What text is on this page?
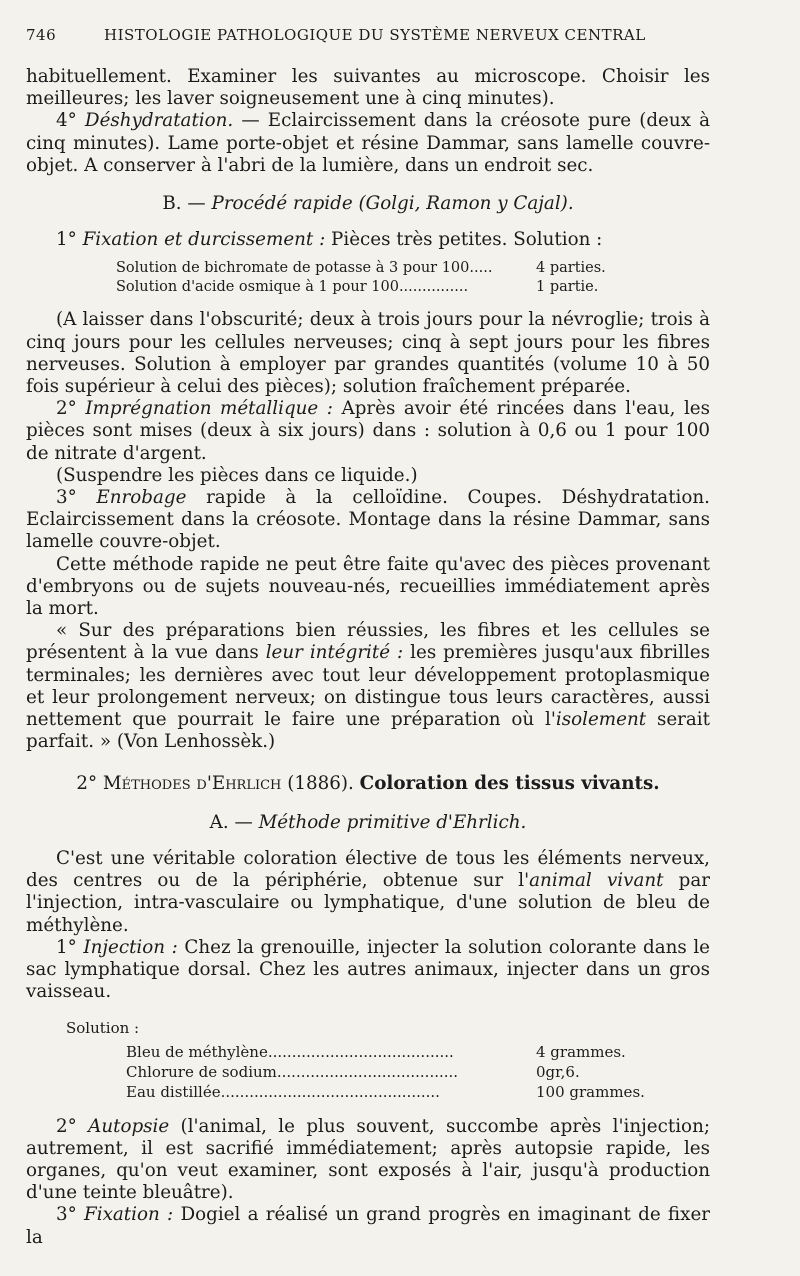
746	HISTOLOGIE PATHOLOGIQUE DU SYSTÈME NERVEUX CENTRAL

habituellement. Examiner les suivantes au microscope. Choisir les meilleures; les laver soigneusement une à cinq minutes).

4° Déshydratation. — Eclaircissement dans la créosote pure (deux à cinq minutes). Lame porte-objet et résine Dammar, sans lamelle couvre-objet. A conserver à l'abri de la lumière, dans un endroit sec.

B. — Procédé rapide (Golgi, Ramon y Cajal).

1° Fixation et durcissement : Pièces très petites. Solution :

Solution de bichromate de potasse à 3 pour 100.....	4 parties.
Solution d'acide osmique à 1 pour 100...............	1 partie.

(A laisser dans l'obscurité; deux à trois jours pour la névroglie; trois à cinq jours pour les cellules nerveuses; cinq à sept jours pour les fibres nerveuses. Solution à employer par grandes quantités (volume 10 à 50 fois supérieur à celui des pièces); solution fraîchement préparée.

2° Imprégnation métallique : Après avoir été rincées dans l'eau, les pièces sont mises (deux à six jours) dans : solution à 0,6 ou 1 pour 100 de nitrate d'argent.

(Suspendre les pièces dans ce liquide.)

3° Enrobage rapide à la celloïdine. Coupes. Déshydratation. Eclaircissement dans la créosote. Montage dans la résine Dammar, sans lamelle couvre-objet.

Cette méthode rapide ne peut être faite qu'avec des pièces provenant d'embryons ou de sujets nouveau-nés, recueillies immédiatement après la mort.

« Sur des préparations bien réussies, les fibres et les cellules se présentent à la vue dans leur intégrité : les premières jusqu'aux fibrilles terminales; les dernières avec tout leur développement protoplasmique et leur prolongement nerveux; on distingue tous leurs caractères, aussi nettement que pourrait le faire une préparation où l'isolement serait parfait. » (Von Lenhossèk.)

2° Méthodes d'Ehrlich (1886). Coloration des tissus vivants.

A. — Méthode primitive d'Ehrlich.

C'est une véritable coloration élective de tous les éléments nerveux, des centres ou de la périphérie, obtenue sur l'animal vivant par l'injection, intra-vasculaire ou lymphatique, d'une solution de bleu de méthylène.

1° Injection : Chez la grenouille, injecter la solution colorante dans le sac lymphatique dorsal. Chez les autres animaux, injecter dans un gros vaisseau.

Solution :
Bleu de méthylène.......................................	4 grammes.
Chlorure de sodium......................................	0gr,6.
Eau distillée..............................................	100 grammes.

2° Autopsie (l'animal, le plus souvent, succombe après l'injection; autrement, il est sacrifié immédiatement; après autopsie rapide, les organes, qu'on veut examiner, sont exposés à l'air, jusqu'à production d'une teinte bleuâtre).

3° Fixation : Dogiel a réalisé un grand progrès en imaginant de fixer la
